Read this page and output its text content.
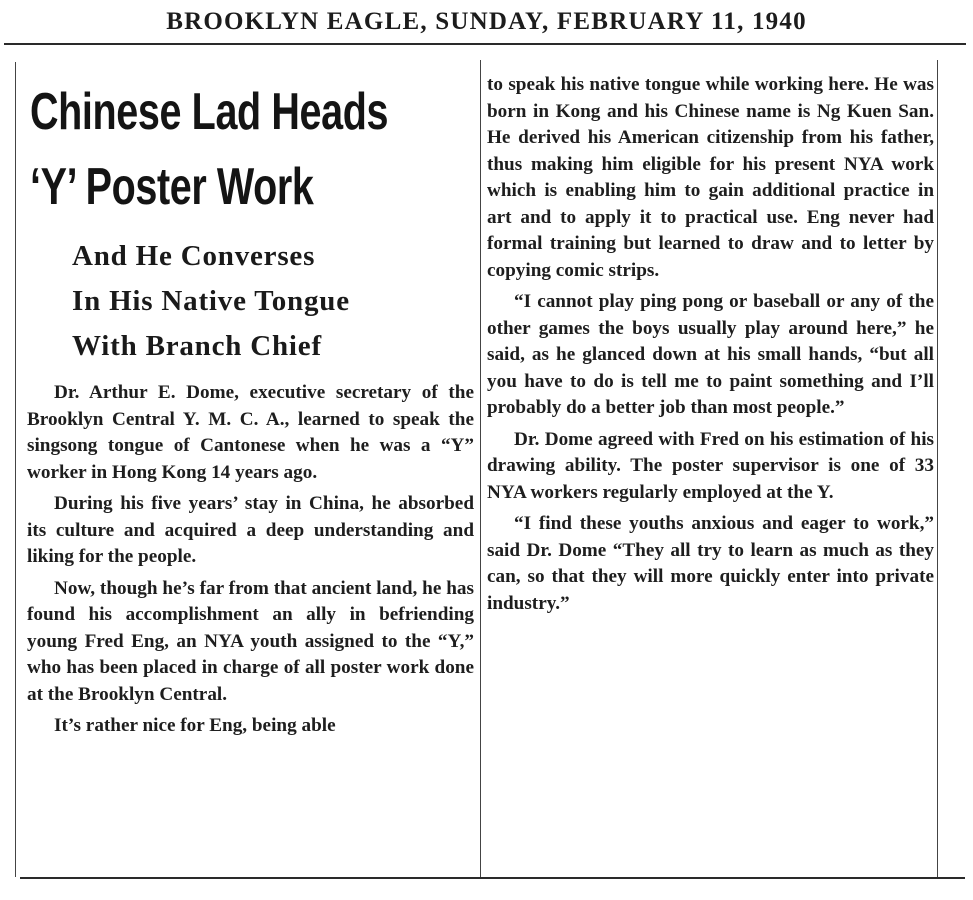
BROOKLYN EAGLE, SUNDAY, FEBRUARY 11, 1940
Chinese Lad Heads
‘Y’ Poster Work
And He Converses
In His Native Tongue
With Branch Chief

Dr. Arthur E. Dome, executive secretary of the Brooklyn Central Y. M. C. A., learned to speak the singsong tongue of Cantonese when he was a “Y” worker in Hong Kong 14 years ago.

During his five years’ stay in China, he absorbed its culture and acquired a deep understanding and liking for the people.

Now, though he’s far from that ancient land, he has found his accomplishment an ally in befriending young Fred Eng, an NYA youth assigned to the “Y,” who has been placed in charge of all poster work done at the Brooklyn Central.

It’s rather nice for Eng, being able

to speak his native tongue while working here. He was born in Kong and his Chinese name is Ng Kuen San. He derived his American citizenship from his father, thus making him eligible for his present NYA work which is enabling him to gain additional practice in art and to apply it to practical use. Eng never had formal training but learned to draw and to letter by copying comic strips.

“I cannot play ping pong or baseball or any of the other games the boys usually play around here,” he said, as he glanced down at his small hands, “but all you have to do is tell me to paint something and I’ll probably do a better job than most people.”

Dr. Dome agreed with Fred on his estimation of his drawing ability. The poster supervisor is one of 33 NYA workers regularly employed at the Y.

“I find these youths anxious and eager to work,” said Dr. Dome “They all try to learn as much as they can, so that they will more quickly enter into private industry.”
